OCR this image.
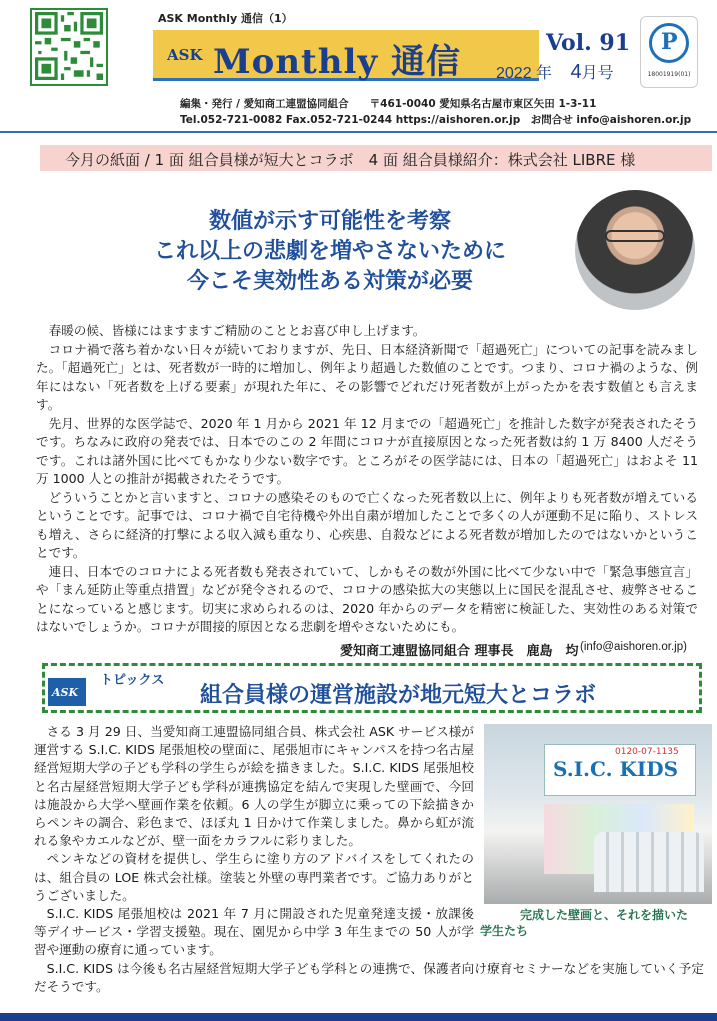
ASK Monthly 通信（1）
ASK Monthly 通信	Vol. 91
2022 年 4月号
P
18001919(01)
編集・発行 / 愛知商工連盟協同組合　　〒461-0040 愛知県名古屋市東区矢田 1-3-11
Tel.052-721-0082 Fax.052-721-0244 https://aishoren.or.jp　お問合せ info@aishoren.or.jp
今月の紙面 / 1 面 組合員様が短大とコラボ　4 面 組合員様紹介：株式会社 LIBRE 様
数値が示す可能性を考察
これ以上の悲劇を増やさないために
今こそ実効性ある対策が必要

春暖の候、皆様にはますますご精励のこととお喜び申し上げます。

コロナ禍で落ち着かない日々が続いておりますが、先日、日本経済新聞で「超過死亡」についての記事を読みました。「超過死亡」とは、死者数が一時的に増加し、例年より超過した数値のことです。つまり、コロナ禍のような、例年にはない「死者数を上げる要素」が現れた年に、その影響でどれだけ死者数が上がったかを表す数値とも言えます。

先月、世界的な医学誌で、2020 年 1 月から 2021 年 12 月までの「超過死亡」を推計した数字が発表されたそうです。ちなみに政府の発表では、日本でのこの 2 年間にコロナが直接原因となった死者数は約 1 万 8400 人だそうです。これは諸外国に比べてもかなり少ない数字です。ところがその医学誌には、日本の「超過死亡」はおよそ 11 万 1000 人との推計が掲載されたそうです。

どういうことかと言いますと、コロナの感染そのもので亡くなった死者数以上に、例年よりも死者数が増えているということです。記事では、コロナ禍で自宅待機や外出自粛が増加したことで多くの人が運動不足に陥り、ストレスも増え、さらに経済的打撃による収入減も重なり、心疾患、自殺などによる死者数が増加したのではないかということです。

連日、日本でのコロナによる死者数も発表されていて、しかもその数が外国に比べて少ない中で「緊急事態宣言」や「まん延防止等重点措置」などが発令されるので、コロナの感染拡大の実態以上に国民を混乱させ、疲弊させることになっていると感じます。切実に求められるのは、2020 年からのデータを精密に検証した、実効性のある対策ではないでしょうか。コロナが間接的原因となる悲劇を増やさないためにも。

愛知商工連盟協同組合 理事長　鹿島　均 (info@aishoren.or.jp)
ASK
トピックス
組合員様の運営施設が地元短大とコラボ

さる 3 月 29 日、当愛知商工連盟協同組合員、株式会社 ASK サービス様が運営する S.I.C. KIDS 尾張旭校の壁面に、尾張旭市にキャンパスを持つ名古屋経営短期大学の子ども学科の学生らが絵を描きました。S.I.C. KIDS 尾張旭校と名古屋経営短期大学子ども学科が連携協定を結んで実現した壁画で、今回は施設から大学へ壁画作業を依頼。6 人の学生が脚立に乗っての下絵描きからペンキの調合、彩色まで、ほぼ丸 1 日かけて作業しました。鼻から虹が流れる象やカエルなどが、壁一面をカラフルに彩りました。

ペンキなどの資材を提供し、学生らに塗り方のアドバイスをしてくれたのは、組合員の LOE 株式会社様。塗装と外壁の専門業者です。ご協力ありがとうございました。

S.I.C. KIDS 尾張旭校は 2021 年 7 月に開設された児童発達支援・放課後等デイサービス・学習支援塾。現在、園児から中学 3 年生までの 50 人が学習や運動の療育に通っています。

S.I.C. KIDS は今後も名古屋経営短期大学子ども学科との連携で、保護者向け療育セミナーなどを実施していく予定だそうです。

0120-07-1135
S.I.C. KIDS
完成した壁画と、それを描いた
学生たち
